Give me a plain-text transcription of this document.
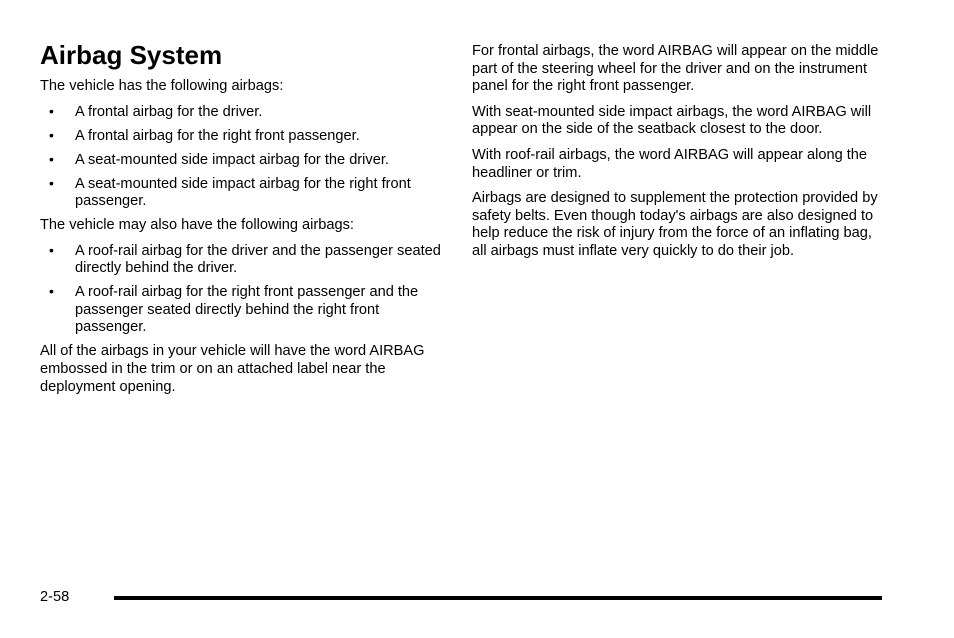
Airbag System

The vehicle has the following airbags:

• A frontal airbag for the driver.
• A frontal airbag for the right front passenger.
• A seat-mounted side impact airbag for the driver.
• A seat-mounted side impact airbag for the right front passenger.

The vehicle may also have the following airbags:

• A roof-rail airbag for the driver and the passenger seated directly behind the driver.
• A roof-rail airbag for the right front passenger and the passenger seated directly behind the right front passenger.

All of the airbags in your vehicle will have the word AIRBAG embossed in the trim or on an attached label near the deployment opening.

For frontal airbags, the word AIRBAG will appear on the middle part of the steering wheel for the driver and on the instrument panel for the right front passenger.

With seat-mounted side impact airbags, the word AIRBAG will appear on the side of the seatback closest to the door.

With roof-rail airbags, the word AIRBAG will appear along the headliner or trim.

Airbags are designed to supplement the protection provided by safety belts. Even though today's airbags are also designed to help reduce the risk of injury from the force of an inflating bag, all airbags must inflate very quickly to do their job.

2-58
